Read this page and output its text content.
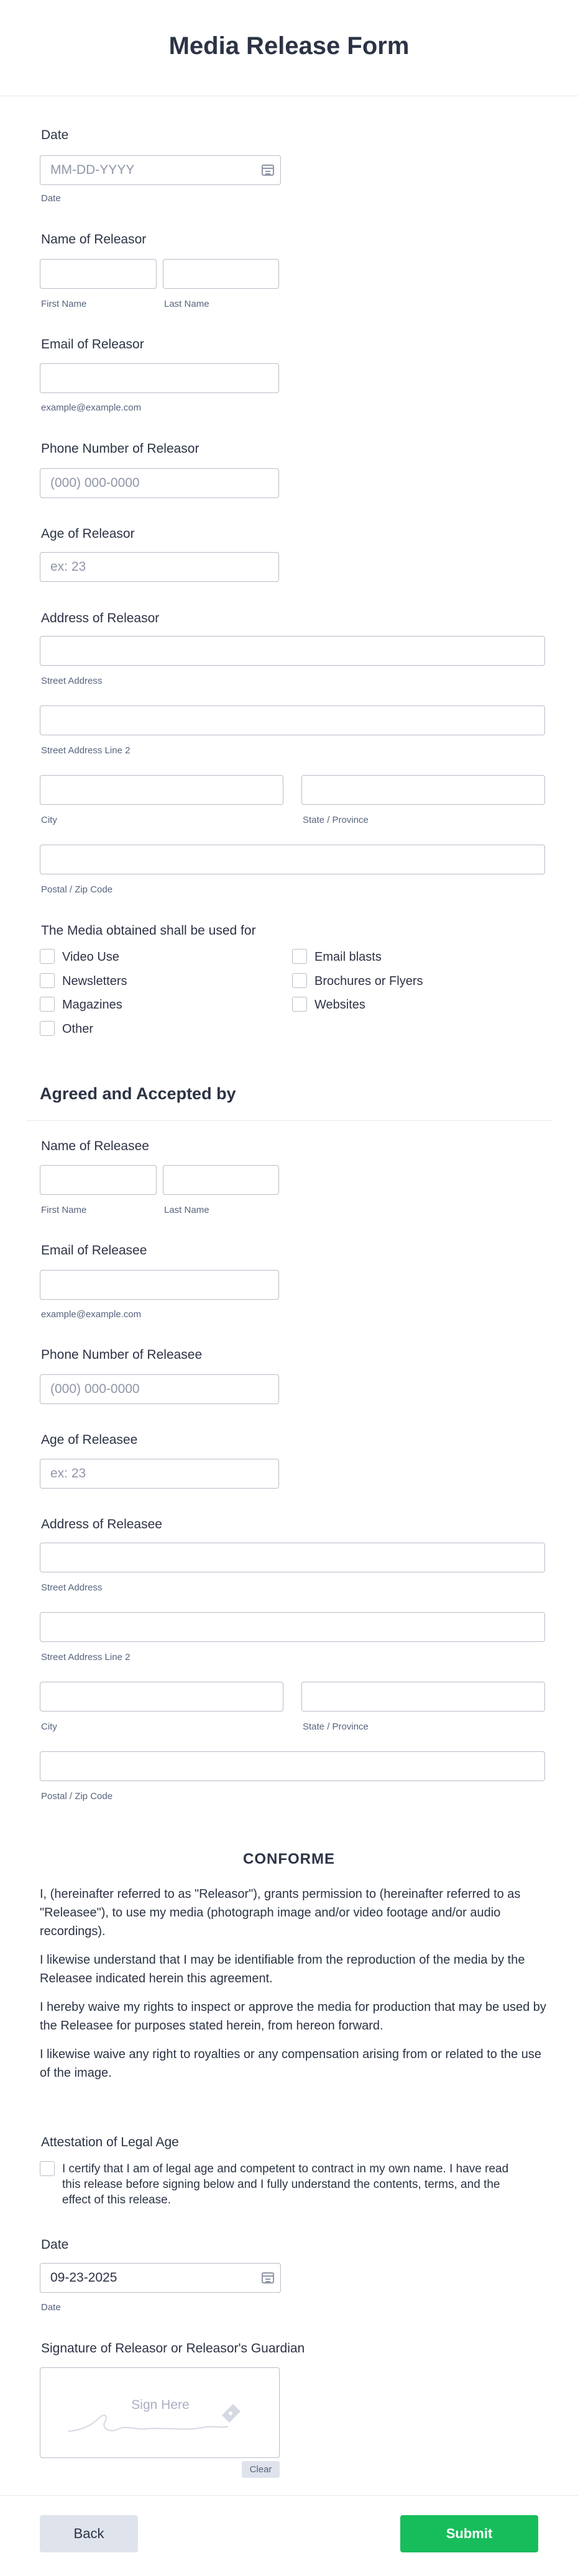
Media Release Form
Date
MM-DD-YYYY
Date
Name of Releasor
First Name	Last Name
Email of Releasor
example@example.com
Phone Number of Releasor
(000) 000-0000
Age of Releasor
ex: 23
Address of Releasor
Street Address
Street Address Line 2
City	State / Province
Postal / Zip Code
The Media obtained shall be used for
Video Use
Newsletters
Magazines
Other
Email blasts
Brochures or Flyers
Websites
Agreed and Accepted by
Name of Releasee
First Name	Last Name
Email of Releasee
example@example.com
Phone Number of Releasee
(000) 000-0000
Age of Releasee
ex: 23
Address of Releasee
Street Address
Street Address Line 2
City	State / Province
Postal / Zip Code
CONFORME
I, (hereinafter referred to as "Releasor"), grants permission to (hereinafter referred to as
"Releasee"), to use my media (photograph image and/or video footage and/or audio
recordings).
I likewise understand that I may be identifiable from the reproduction of the media by the
Releasee indicated herein this agreement.
I hereby waive my rights to inspect or approve the media for production that may be used by
the Releasee for purposes stated herein, from hereon forward.
I likewise waive any right to royalties or any compensation arising from or related to the use
of the image.
Attestation of Legal Age
I certify that I am of legal age and competent to contract in my own name. I have read
this release before signing below and I fully understand the contents, terms, and the
effect of this release.
Date
09-23-2025
Date
Signature of Releasor or Releasor's Guardian
Sign Here
Clear
Back	Submit
